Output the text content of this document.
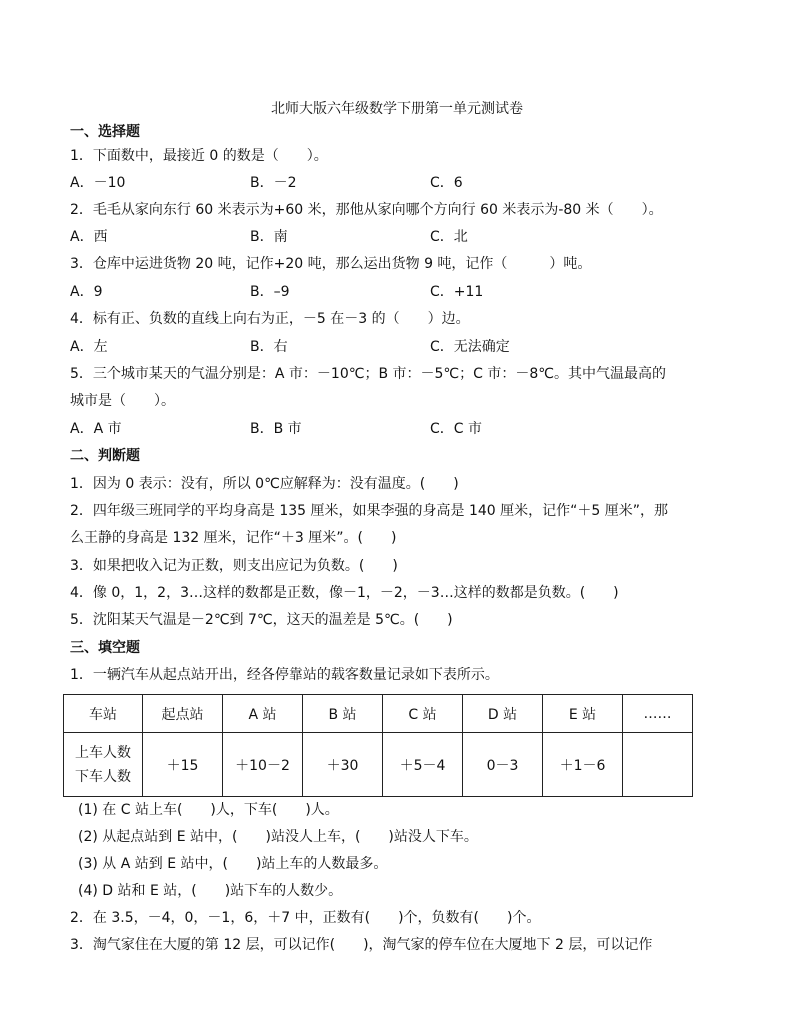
北师大版六年级数学下册第一单元测试卷
一、选择题
1．下面数中，最接近 0 的数是（　　）。
A．－10	B．－2	C．6
2．毛毛从家向东行 60 米表示为+60 米，那他从家向哪个方向行 60 米表示为-80 米（　　）。
A．西	B．南	C．北
3．仓库中运进货物 20 吨，记作+20 吨，那么运出货物 9 吨，记作（　　　）吨。
A．9	B．–9	C．+11
4．标有正、负数的直线上向右为正，－5 在－3 的（　　）边。
A．左	B．右	C．无法确定
5．三个城市某天的气温分别是：A 市：－10℃；B 市：－5℃；C 市：－8℃。其中气温最高的
城市是（　　）。
A．A 市	B．B 市	C．C 市
二、判断题
1．因为 0 表示：没有，所以 0℃应解释为：没有温度。(　　)
2．四年级三班同学的平均身高是 135 厘米，如果李强的身高是 140 厘米，记作“＋5 厘米”，那
么王静的身高是 132 厘米，记作“＋3 厘米”。(　　)
3．如果把收入记为正数，则支出应记为负数。(　　)
4．像 0，1，2，3…这样的数都是正数，像－1，－2，－3…这样的数都是负数。(　　)
5．沈阳某天气温是－2℃到 7℃，这天的温差是 5℃。(　　)
三、填空题
1．一辆汽车从起点站开出，经各停靠站的载客数量记录如下表所示。
车站	起点站	A 站	B 站	C 站	D 站	E 站	……

上车人数
下车人数	＋15	＋10－2	＋30	＋5－4	0－3	＋1－6	
(1) 在 C 站上车(　　)人，下车(　　)人。
(2) 从起点站到 E 站中，(　　)站没人上车，(　　)站没人下车。
(3) 从 A 站到 E 站中，(　　)站上车的人数最多。
(4) D 站和 E 站，(　　)站下车的人数少。
2．在 3.5，－4，0，－1，6，＋7 中，正数有(　　)个，负数有(　　)个。
3．淘气家住在大厦的第 12 层，可以记作(　　)，淘气家的停车位在大厦地下 2 层，可以记作
